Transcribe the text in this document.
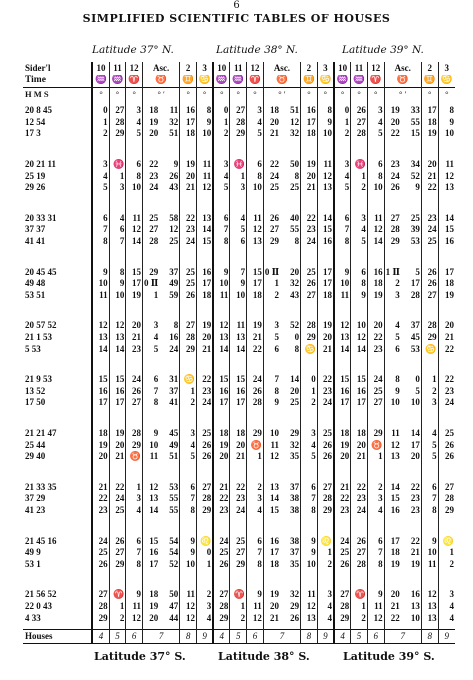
6
SIMPLIFIED SCIENTIFIC TABLES OF HOUSES
Latitude 37° N.	Latitude 38° N.	Latitude 39° N.
Sider'l	10	11	12	Asc.		2	3	10	11	12	Asc.		2	3	10	11	12	Asc.		2	3
Time	♒	♒	♈	♉		♊	♋	♒	♒	♈	♉		♊	♋	♒	♒	♈	♉		♊	♋
H M S	°	°	°	° ′		°	°	°	°	°	° ′		°	°	°	°	°	° ′		°	°

20 8 45	0	27	3	18	11	16	8	0	27	3	18	51	16	8	0	26	3	19	33	17	8
12 54	1	28	4	19	32	17	9	1	28	4	20	12	17	9	1	27	4	20	55	18	9
17 3	2	29	5	20	51	18	10	2	29	5	21	32	18	10	2	28	5	22	15	19	10

20 21 11	3	♓	6	22	9	19	11	3	♓	6	22	50	19	11	3	♓	6	23	34	20	11
25 19	4	1	8	23	26	20	11	4	1	8	24	8	20	12	4	1	8	24	52	21	12
29 26	5	3	10	24	43	21	12	5	3	10	25	25	21	13	5	2	10	26	9	22	13

20 33 31	6	4	11	25	58	22	13	6	4	11	26	40	22	14	6	3	11	27	25	23	14
37 37	7	6	12	27	12	23	14	7	5	12	27	55	23	15	7	4	12	28	39	24	15
41 41	8	7	14	28	25	24	15	8	6	13	29	8	24	16	8	5	14	29	53	25	16

20 45 45	9	8	15	29	37	25	16	9	7	15	0 Ⅱ	20	25	17	9	6	16	1 Ⅱ	5	26	17
49 48	10	9	17	0 Ⅱ	49	25	17	10	9	17	1	32	26	17	10	8	18	2	17	26	18
53 51	11	10	19	1	59	26	18	11	10	18	2	43	27	18	11	9	19	3	28	27	19

20 57 52	12	12	20	3	8	27	19	12	11	19	3	52	28	19	12	10	20	4	37	28	20
21 1 53	13	13	21	4	16	28	20	13	13	21	5	0	29	20	13	12	22	5	45	29	21
5 53	14	14	23	5	24	29	21	14	14	22	6	8	♋	21	14	14	23	6	53	♋	22

21 9 53	15	15	24	6	31	♋	22	15	15	24	7	14	0	22	15	15	24	8	0	1	22
13 52	16	16	26	7	37	1	23	16	16	26	8	20	1	23	16	16	25	9	5	2	23
17 50	17	17	27	8	41	2	24	17	17	28	9	25	2	24	17	17	27	10	10	3	24

21 21 47	18	19	28	9	45	3	25	18	18	29	10	29	3	25	18	18	29	11	14	4	25
25 44	19	20	29	10	49	4	26	19	20	♉	11	32	4	26	19	20	♉	12	17	5	26
29 40	20	21	♉	11	51	5	26	20	21	1	12	35	5	26	20	21	1	13	20	5	26

21 33 35	21	22	1	12	53	6	27	21	22	2	13	37	6	27	21	22	2	14	22	6	27
37 29	22	24	3	13	55	7	28	22	23	3	14	38	7	28	22	23	3	15	23	7	28
41 23	23	25	4	14	55	8	29	23	24	4	15	38	8	29	23	24	4	16	23	8	29

21 45 16	24	26	6	15	54	9	♌	24	25	6	16	38	9	♌	24	26	6	17	22	9	♌
49 9	25	27	7	16	54	9	0	25	27	7	17	37	9	1	25	27	7	18	21	10	1
53 1	26	29	8	17	52	10	1	26	29	8	18	35	10	2	26	28	8	19	19	11	2

21 56 52	27	♈	9	18	50	11	2	27	♈	9	19	32	11	3	27	♈	9	20	16	12	3
22 0 43	28	1	11	19	47	12	3	28	1	11	20	29	12	4	28	1	11	21	13	13	4
4 33	29	2	12	20	44	12	4	29	2	12	21	26	13	4	29	2	12	22	10	13	4

Houses	4	5	6	7		8	9	4	5	6	7		8	9	4	5	6	7		8	9
Latitude 37° S.	Latitude 38° S.	Latitude 39° S.
